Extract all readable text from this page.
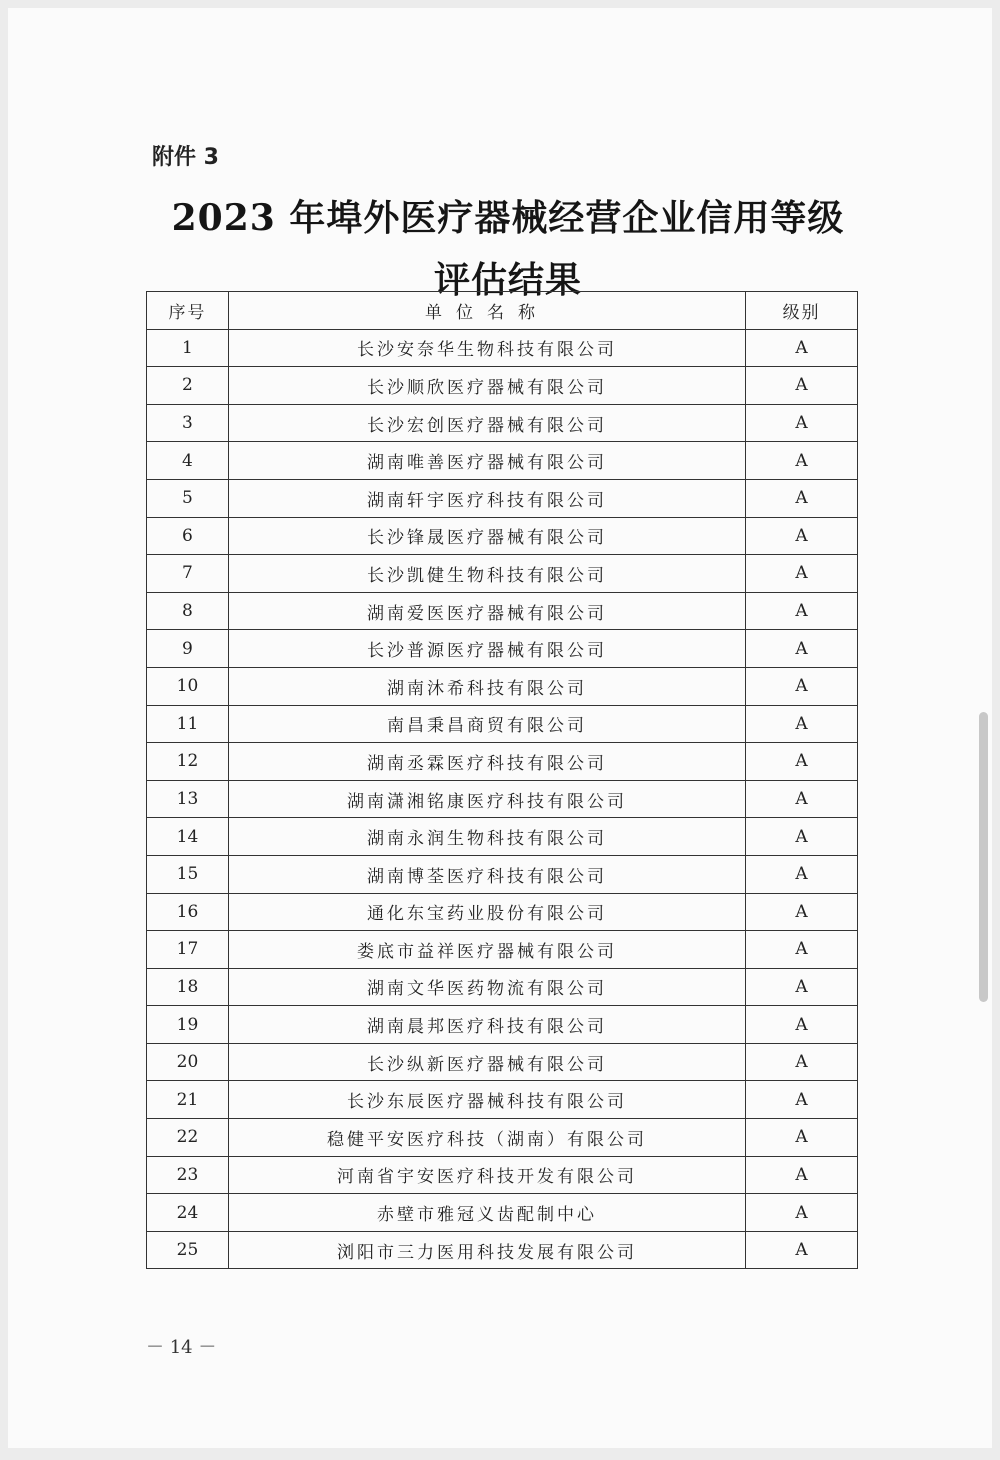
附件 3
2023 年埠外医疗器械经营企业信用等级
评估结果
序号	单位名称	级别
1	长沙安奈华生物科技有限公司	A
2	长沙顺欣医疗器械有限公司	A
3	长沙宏创医疗器械有限公司	A
4	湖南唯善医疗器械有限公司	A
5	湖南轩宇医疗科技有限公司	A
6	长沙锋晟医疗器械有限公司	A
7	长沙凯健生物科技有限公司	A
8	湖南爱医医疗器械有限公司	A
9	长沙普源医疗器械有限公司	A
10	湖南沐希科技有限公司	A
11	南昌秉昌商贸有限公司	A
12	湖南丞霖医疗科技有限公司	A
13	湖南潇湘铭康医疗科技有限公司	A
14	湖南永润生物科技有限公司	A
15	湖南博荃医疗科技有限公司	A
16	通化东宝药业股份有限公司	A
17	娄底市益祥医疗器械有限公司	A
18	湖南文华医药物流有限公司	A
19	湖南晨邦医疗科技有限公司	A
20	长沙纵新医疗器械有限公司	A
21	长沙东辰医疗器械科技有限公司	A
22	稳健平安医疗科技（湖南）有限公司	A
23	河南省宇安医疗科技开发有限公司	A
24	赤壁市雅冠义齿配制中心	A
25	浏阳市三力医用科技发展有限公司	A
－ 14 －
